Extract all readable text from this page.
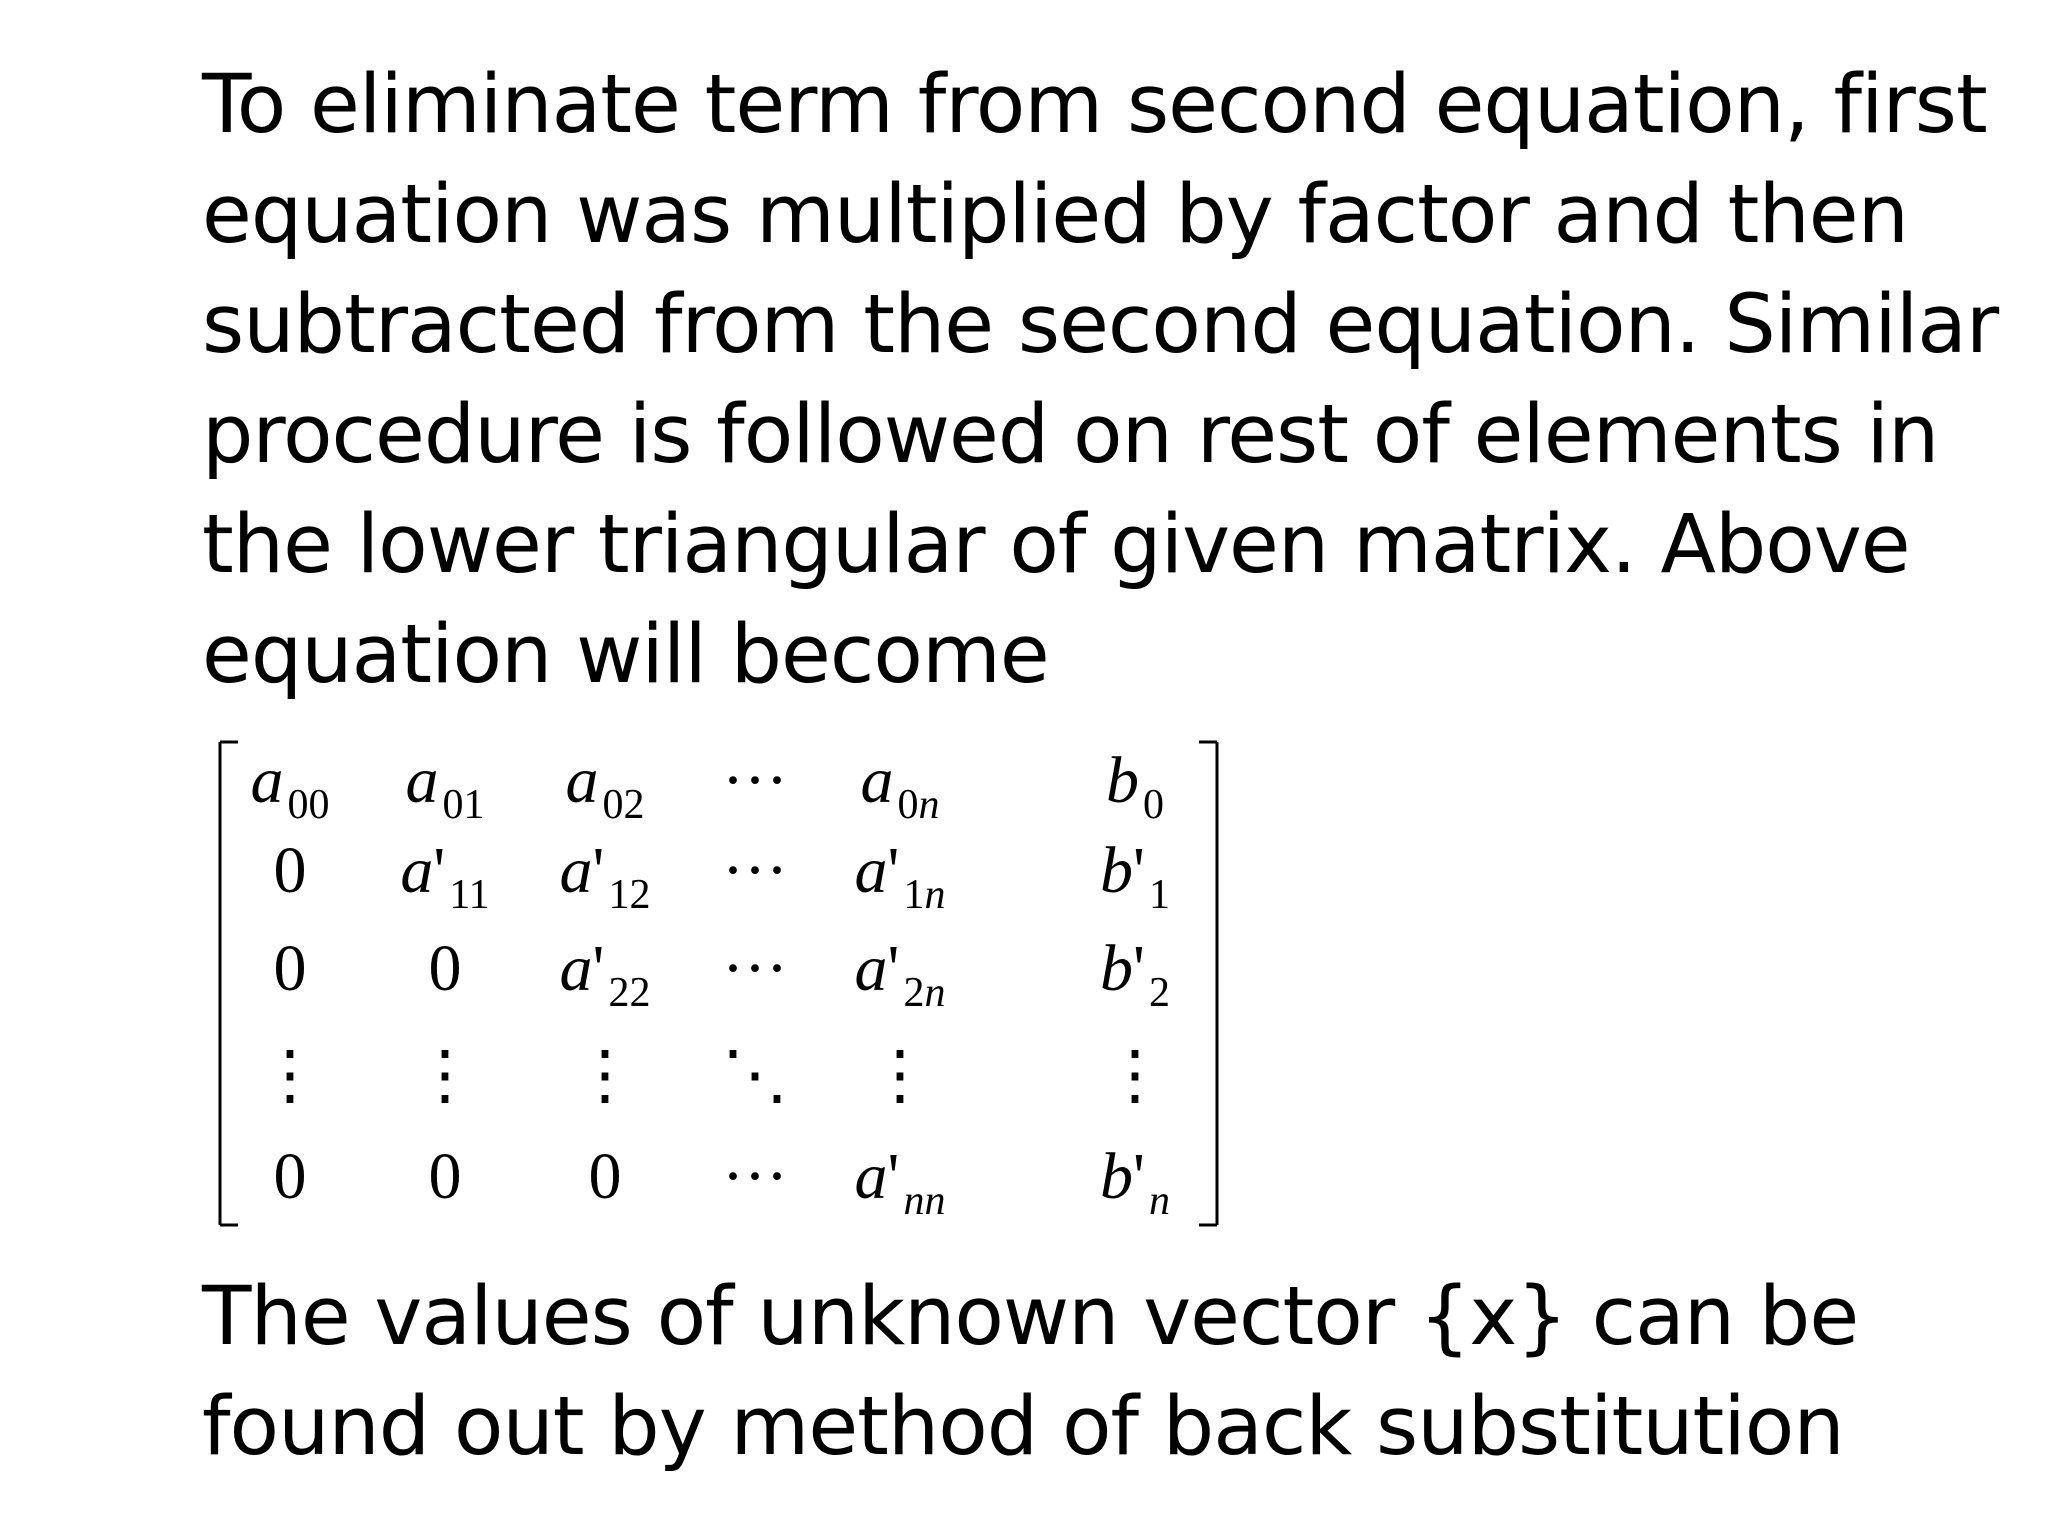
To eliminate term from second equation, first
equation was multiplied by factor and then
subtracted from the second equation. Similar
procedure is followed on rest of elements in
the lower triangular of given matrix. Above
equation will become

$a_{00}$ $a_{01}$ $a_{02}$ ··· $a_{0n}$	$b_0$
0 $a'_{11}$ $a'_{12}$ ··· $a'_{1n}$ $b'_1$
0 0 $a'_{22}$ ··· $a'_{2n}$ $b'_2$
⋮ ⋮ ⋮ ⋱ ⋮	⋮
0 0 0 ··· $a'_{nn}$ $b'_n$

The values of unknown vector {x} can be
found out by method of back substitution
